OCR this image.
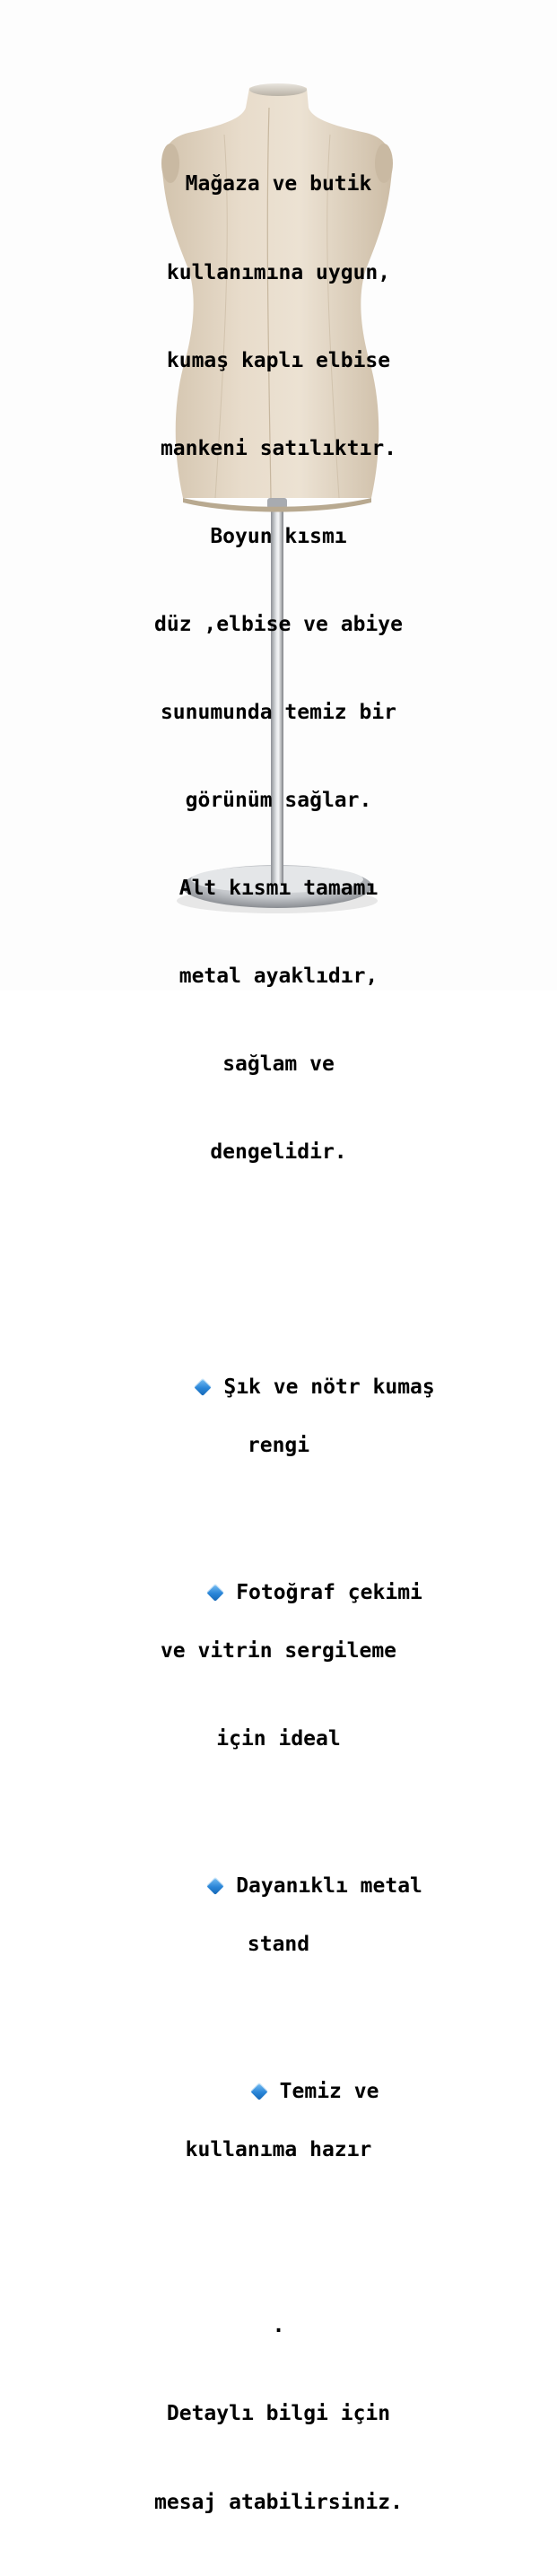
Mağaza ve butik

kullanımına uygun,

kumaş kaplı elbise

mankeni satılıktır.

Boyun kısmı

düz ,elbise ve abiye

sunumunda temiz bir

görünüm sağlar.

Alt kısmı tamamı

metal ayaklıdır,

sağlam ve

dengelidir.

Şık ve nötr kumaş

rengi

Fotoğraf çekimi

ve vitrin sergileme

için ideal

Dayanıklı metal

stand

Temiz ve

kullanıma hazır

.

Detaylı bilgi için

mesaj atabilirsiniz.
